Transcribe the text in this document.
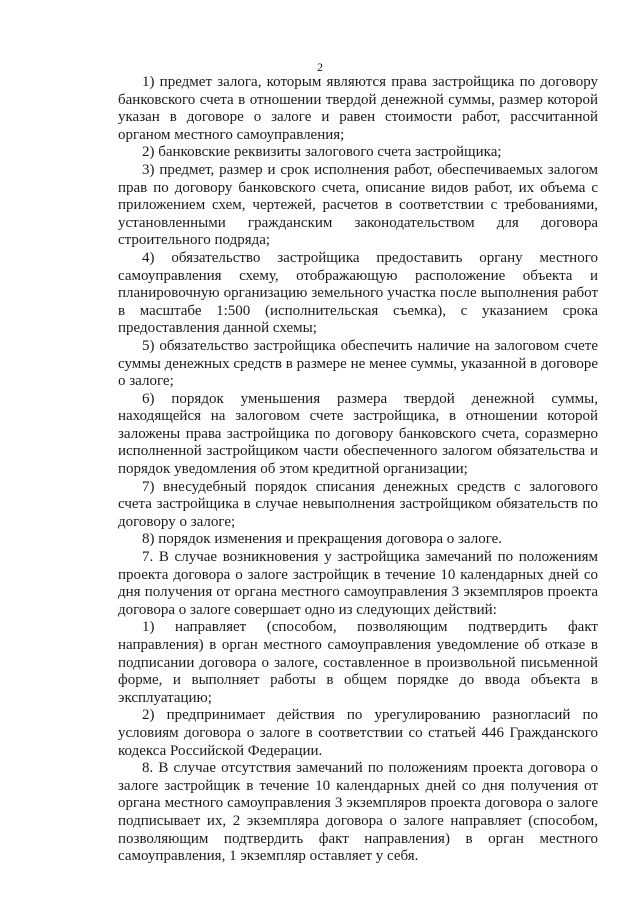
2

1) предмет залога, которым являются права застройщика по договору банковского счета в отношении твердой денежной суммы, размер которой указан в договоре о залоге и равен стоимости работ, рассчитанной органом местного самоуправления;

2) банковские реквизиты залогового счета застройщика;

3) предмет, размер и срок исполнения работ, обеспечиваемых залогом прав по договору банковского счета, описание видов работ, их объема с приложением схем, чертежей, расчетов в соответствии с требованиями, установленными гражданским законодательством для договора строительного подряда;

4) обязательство застройщика предоставить органу местного самоуправления схему, отображающую расположение объекта и планировочную организацию земельного участка после выполнения работ в масштабе 1:500 (исполнительская съемка), с указанием срока предоставления данной схемы;

5) обязательство застройщика обеспечить наличие на залоговом счете суммы денежных средств в размере не менее суммы, указанной в договоре о залоге;

6) порядок уменьшения размера твердой денежной суммы, находящейся на залоговом счете застройщика, в отношении которой заложены права застройщика по договору банковского счета, соразмерно исполненной застройщиком части обеспеченного залогом обязательства и порядок уведомления об этом кредитной организации;

7) внесудебный порядок списания денежных средств с залогового счета застройщика в случае невыполнения застройщиком обязательств по договору о залоге;

8) порядок изменения и прекращения договора о залоге.

7. В случае возникновения у застройщика замечаний по положениям проекта договора о залоге застройщик в течение 10 календарных дней со дня получения от органа местного самоуправления 3 экземпляров проекта договора о залоге совершает одно из следующих действий:

1) направляет (способом, позволяющим подтвердить факт направления) в орган местного самоуправления уведомление об отказе в подписании договора о залоге, составленное в произвольной письменной форме, и выполняет работы в общем порядке до ввода объекта в эксплуатацию;

2) предпринимает действия по урегулированию разногласий по условиям договора о залоге в соответствии со статьей 446 Гражданского кодекса Российской Федерации.

8. В случае отсутствия замечаний по положениям проекта договора о залоге застройщик в течение 10 календарных дней со дня получения от органа местного самоуправления 3 экземпляров проекта договора о залоге подписывает их, 2 экземпляра договора о залоге направляет (способом, позволяющим подтвердить факт направления) в орган местного самоуправления, 1 экземпляр оставляет у себя.
